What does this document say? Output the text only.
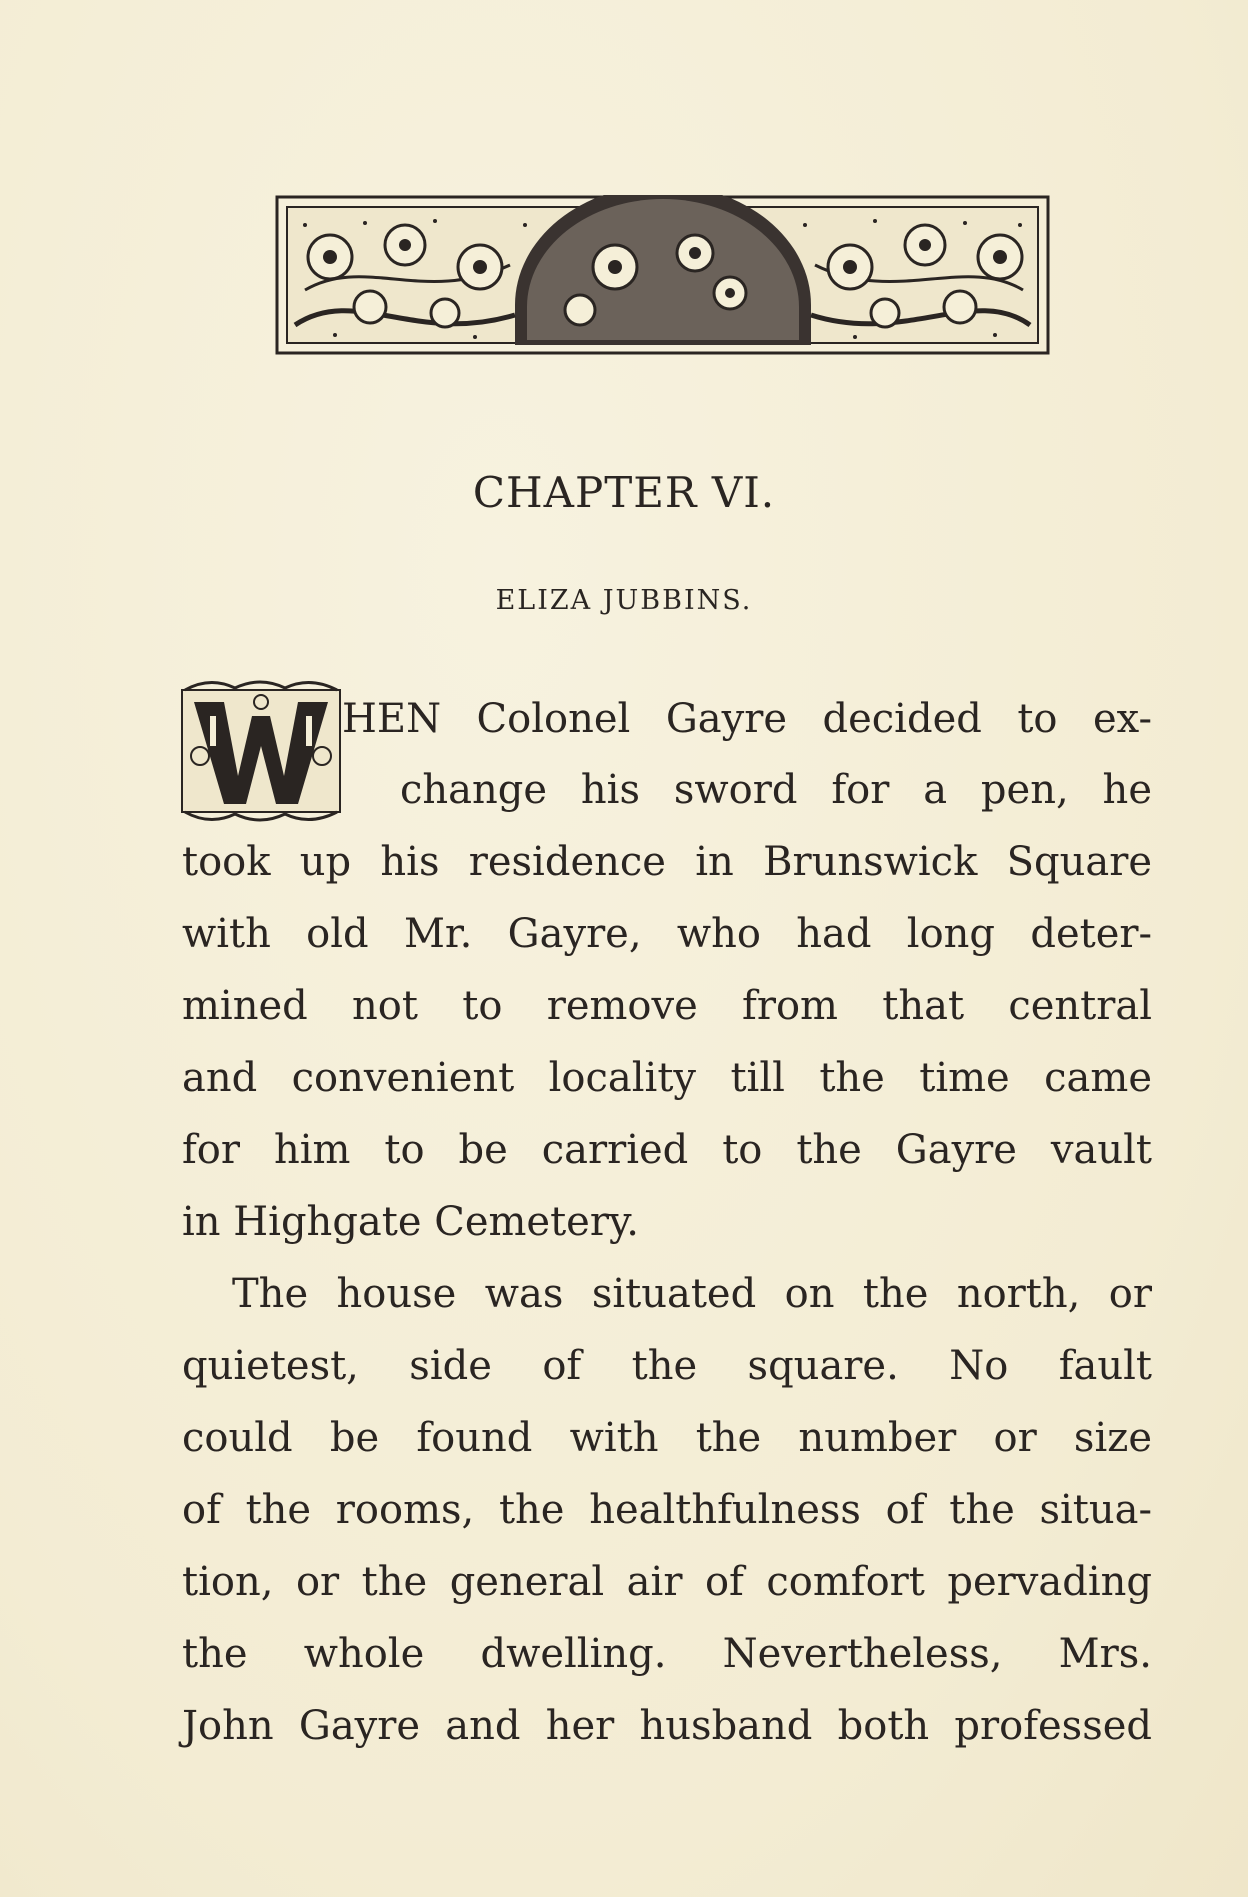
CHAPTER VI.
ELIZA JUBBINS.
HEN Colonel Gayre decided to ex-
change his sword for a pen, he
took up his residence in Brunswick Square
with old Mr. Gayre, who had long deter-
mined not to remove from that central
and convenient locality till the time came
for him to be carried to the Gayre vault
in Highgate Cemetery.
The house was situated on the north, or
quietest, side of the square. No fault
could be found with the number or size
of the rooms, the healthfulness of the situa-
tion, or the general air of comfort pervading
the whole dwelling. Nevertheless, Mrs.
John Gayre and her husband both professed
